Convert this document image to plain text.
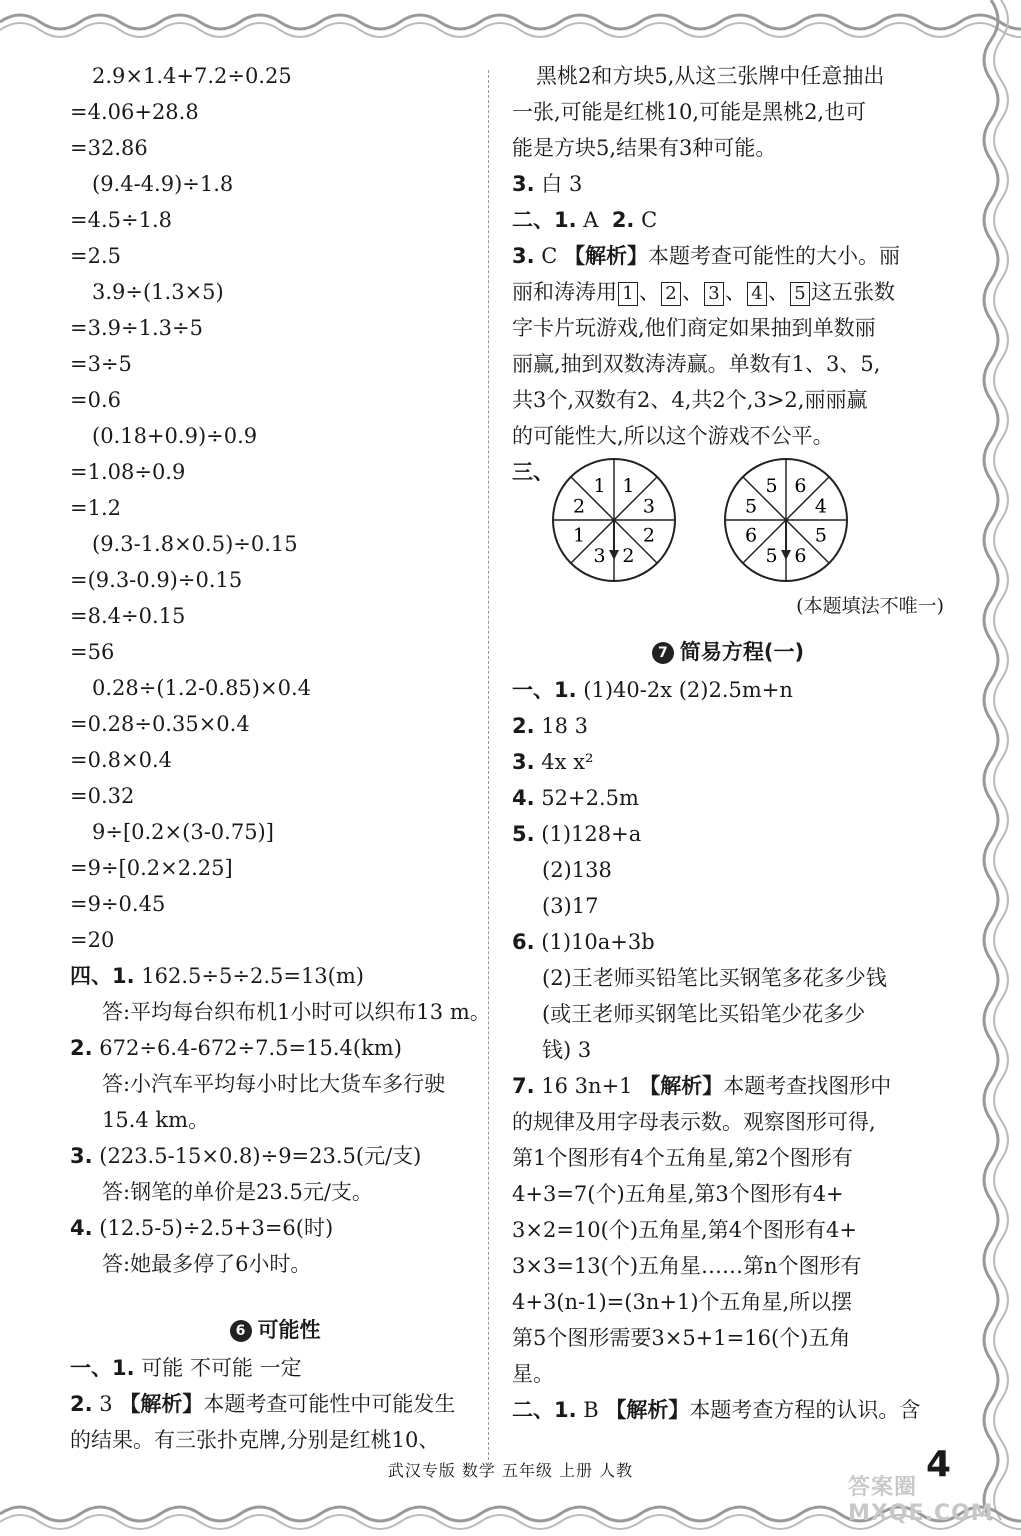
2.9×1.4+7.2÷0.25
=4.06+28.8
=32.86
(9.4-4.9)÷1.8
=4.5÷1.8
=2.5
3.9÷(1.3×5)
=3.9÷1.3÷5
=3÷5
=0.6
(0.18+0.9)÷0.9
=1.08÷0.9
=1.2
(9.3-1.8×0.5)÷0.15
=(9.3-0.9)÷0.15
=8.4÷0.15
=56
0.28÷(1.2-0.85)×0.4
=0.28÷0.35×0.4
=0.8×0.4
=0.32
9÷[0.2×(3-0.75)]
=9÷[0.2×2.25]
=9÷0.45
=20
四、1. 162.5÷5÷2.5=13(m)
答:平均每台织布机1小时可以织布13 m。
2. 672÷6.4-672÷7.5=15.4(km)
答:小汽车平均每小时比大货车多行驶
15.4 km。
3. (223.5-15×0.8)÷9=23.5(元/支)
答:钢笔的单价是23.5元/支。
4. (12.5-5)÷2.5+3=6(时)
答:她最多停了6小时。
6 可能性
一、1. 可能 不可能 一定
2. 3 【解析】本题考查可能性中可能发生
的结果。有三张扑克牌,分别是红桃10、
黑桃2和方块5,从这三张牌中任意抽出
一张,可能是红桃10,可能是黑桃2,也可
能是方块5,结果有3种可能。
3. 白 3
二、1. A 2. C
3. C 【解析】本题考查可能性的大小。丽
丽和涛涛用 1 、 2 、 3 、 4 、 5 这五张数
字卡片玩游戏,他们商定如果抽到单数丽
丽赢,抽到双数涛涛赢。单数有1、3、5,
共3个,双数有2、4,共2个,3>2,丽丽赢
的可能性大,所以这个游戏不公平。
三、
1
3
2
2
3
1
2
1	6
4
5
6
5
6
5
5
(本题填法不唯一)
7 简易方程(一)
一、1. (1)40-2x (2)2.5m+n
2. 18 3
3. 4x x²
4. 52+2.5m
5. (1)128+a
(2)138
(3)17
6. (1)10a+3b
(2)王老师买铅笔比买钢笔多花多少钱
(或王老师买钢笔比买铅笔少花多少
钱) 3
7. 16 3n+1 【解析】本题考查找图形中
的规律及用字母表示数。观察图形可得,
第1个图形有4个五角星,第2个图形有
4+3=7(个)五角星,第3个图形有4+
3×2=10(个)五角星,第4个图形有4+
3×3=13(个)五角星……第n个图形有
4+3(n-1)=(3n+1)个五角星,所以摆
第5个图形需要3×5+1=16(个)五角
星。
二、1. B 【解析】本题考查方程的认识。含
武汉专版 数学 五年级 上册 人教	4
答案圈 MXQE.COM
